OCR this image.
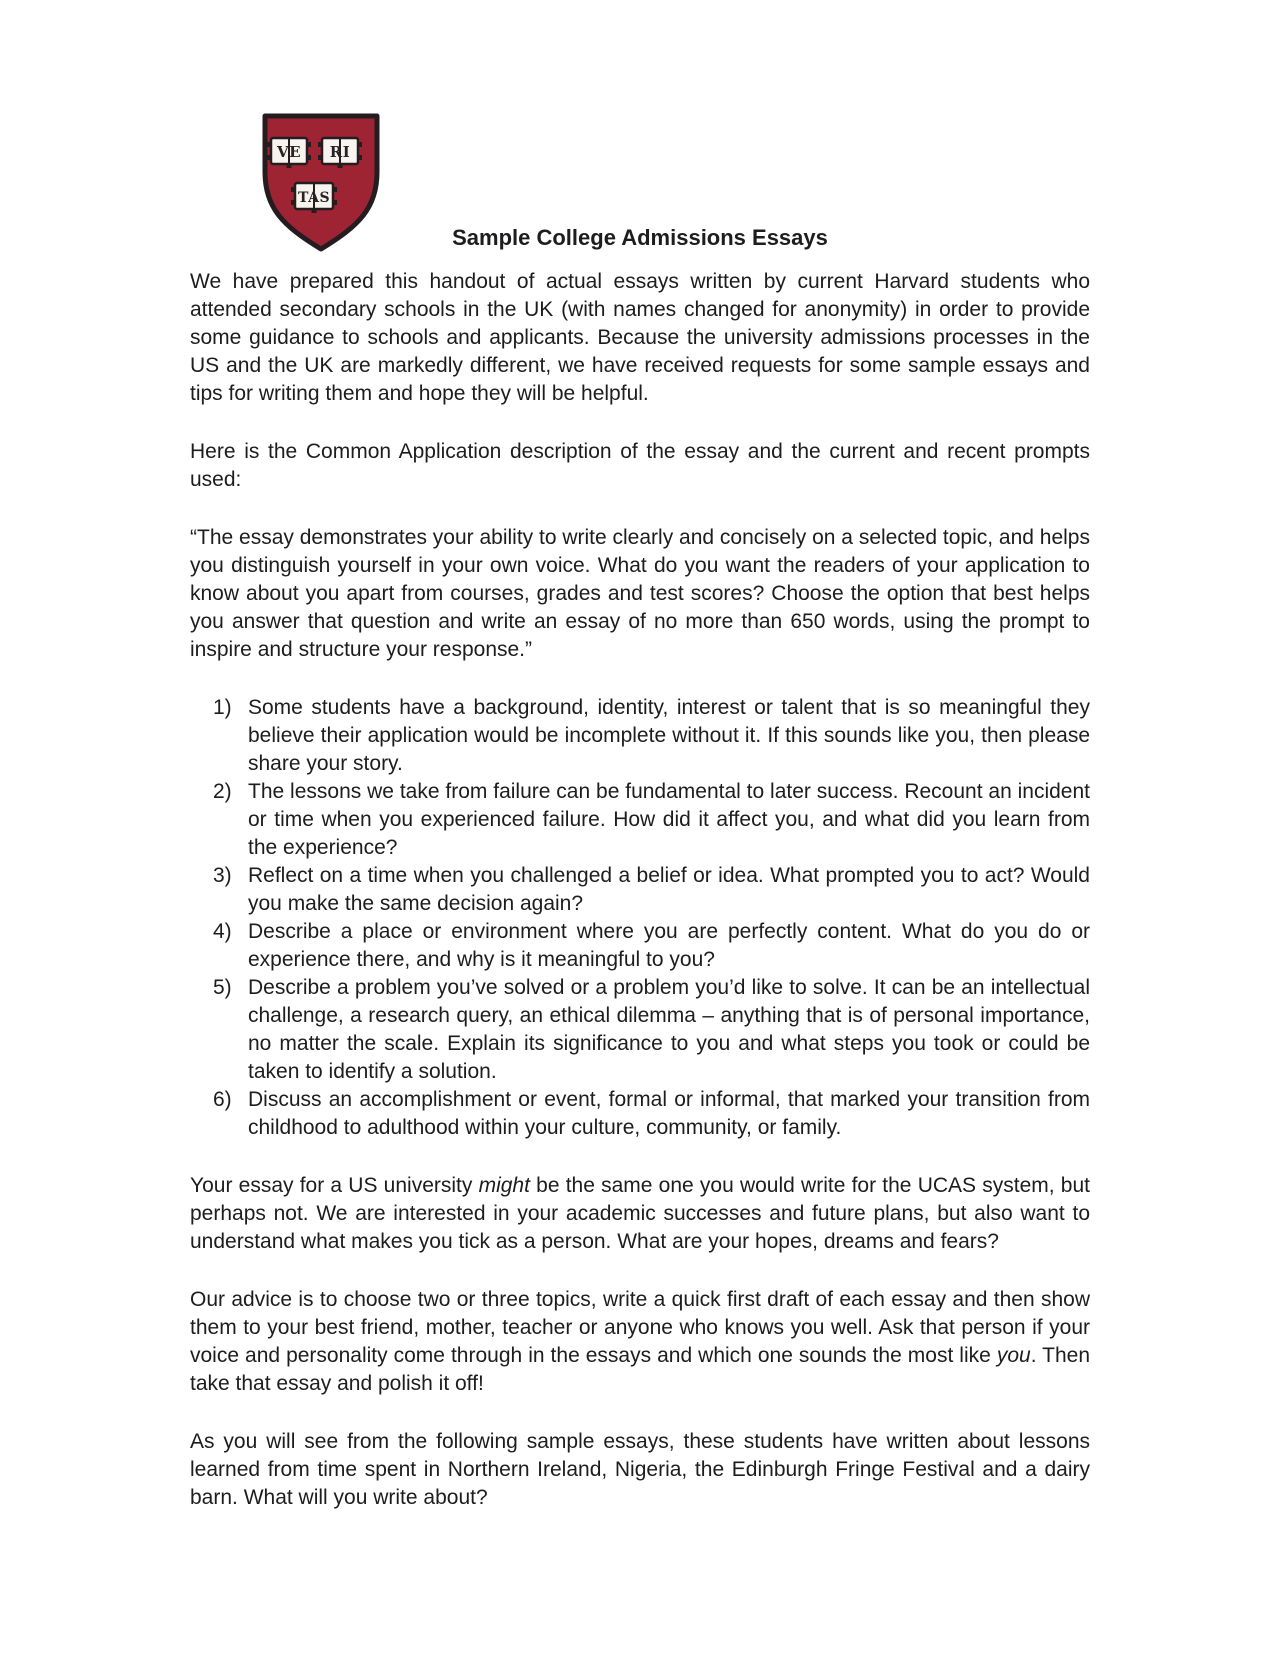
VE RI
TAS
Sample College Admissions Essays

We have prepared this handout of actual essays written by current Harvard students who attended secondary schools in the UK (with names changed for anonymity) in order to provide some guidance to schools and applicants. Because the university admissions processes in the US and the UK are markedly different, we have received requests for some sample essays and tips for writing them and hope they will be helpful.

Here is the Common Application description of the essay and the current and recent prompts used:

“The essay demonstrates your ability to write clearly and concisely on a selected topic, and helps you distinguish yourself in your own voice. What do you want the readers of your application to know about you apart from courses, grades and test scores? Choose the option that best helps you answer that question and write an essay of no more than 650 words, using the prompt to inspire and structure your response.”

1) Some students have a background, identity, interest or talent that is so meaningful they believe their application would be incomplete without it. If this sounds like you, then please share your story.
2) The lessons we take from failure can be fundamental to later success. Recount an incident or time when you experienced failure. How did it affect you, and what did you learn from the experience?
3) Reflect on a time when you challenged a belief or idea. What prompted you to act? Would you make the same decision again?
4) Describe a place or environment where you are perfectly content. What do you do or experience there, and why is it meaningful to you?
5) Describe a problem you’ve solved or a problem you’d like to solve. It can be an intellectual challenge, a research query, an ethical dilemma – anything that is of personal importance, no matter the scale. Explain its significance to you and what steps you took or could be taken to identify a solution.
6) Discuss an accomplishment or event, formal or informal, that marked your transition from childhood to adulthood within your culture, community, or family.

Your essay for a US university might be the same one you would write for the UCAS system, but perhaps not. We are interested in your academic successes and future plans, but also want to understand what makes you tick as a person. What are your hopes, dreams and fears?

Our advice is to choose two or three topics, write a quick first draft of each essay and then show them to your best friend, mother, teacher or anyone who knows you well. Ask that person if your voice and personality come through in the essays and which one sounds the most like you. Then take that essay and polish it off!

As you will see from the following sample essays, these students have written about lessons learned from time spent in Northern Ireland, Nigeria, the Edinburgh Fringe Festival and a dairy barn. What will you write about?
